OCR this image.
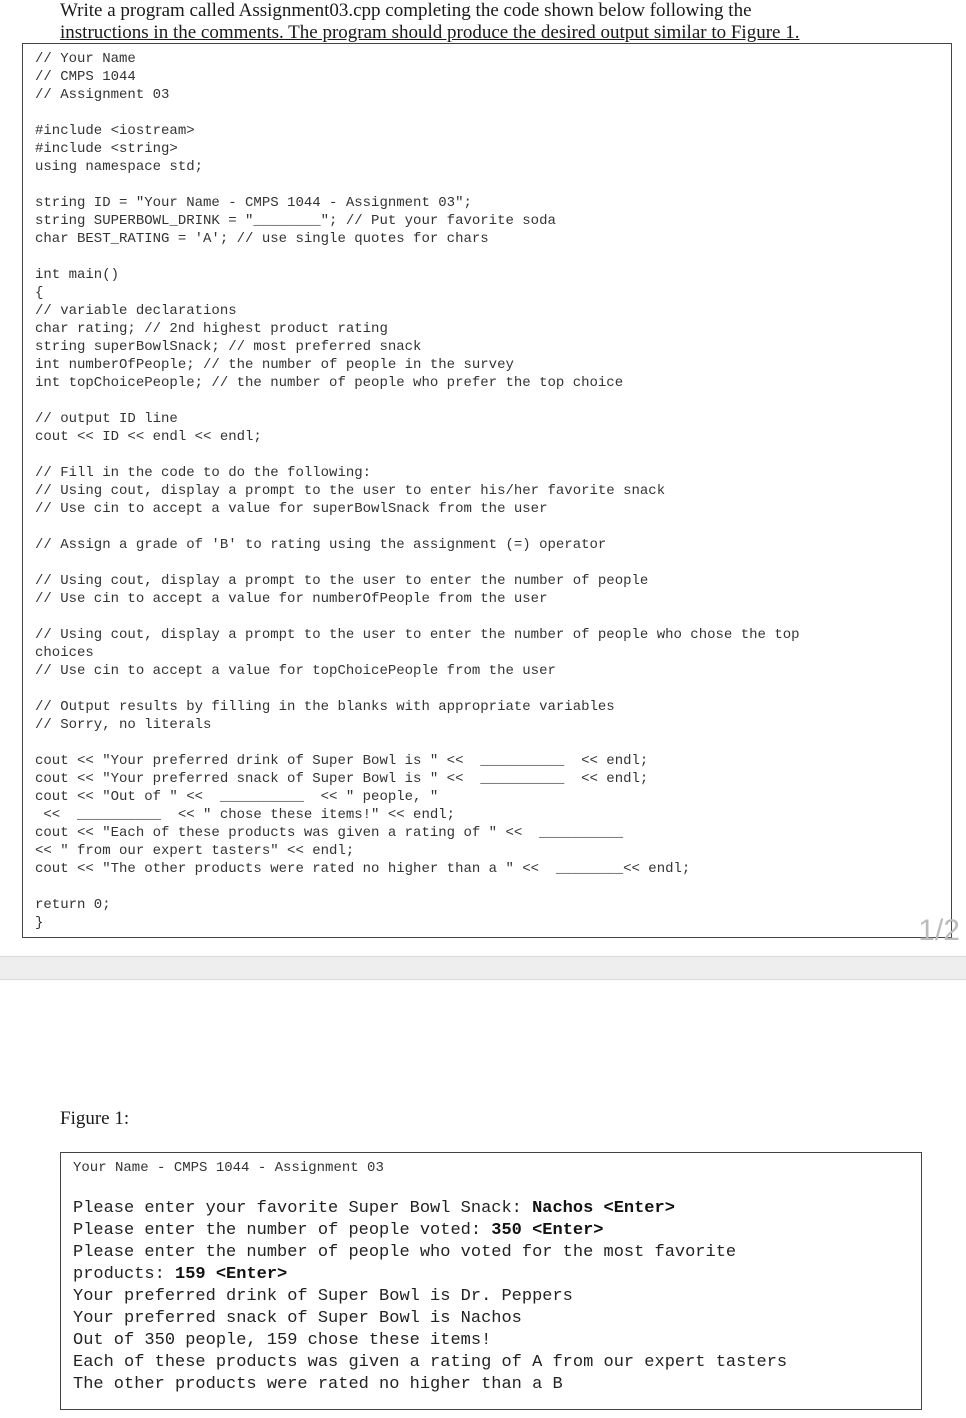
Write a program called Assignment03.cpp completing the code shown below following the
instructions in the comments. The program should produce the desired output similar to Figure 1.
// Your Name
// CMPS 1044
// Assignment 03

#include <iostream>
#include <string>
using namespace std;

string ID = "Your Name - CMPS 1044 - Assignment 03";
string SUPERBOWL_DRINK = "________"; // Put your favorite soda
char BEST_RATING = 'A'; // use single quotes for chars

int main()
{
// variable declarations
char rating; // 2nd highest product rating
string superBowlSnack; // most preferred snack
int numberOfPeople; // the number of people in the survey
int topChoicePeople; // the number of people who prefer the top choice

// output ID line
cout << ID << endl << endl;

// Fill in the code to do the following:
// Using cout, display a prompt to the user to enter his/her favorite snack
// Use cin to accept a value for superBowlSnack from the user

// Assign a grade of 'B' to rating using the assignment (=) operator

// Using cout, display a prompt to the user to enter the number of people
// Use cin to accept a value for numberOfPeople from the user

// Using cout, display a prompt to the user to enter the number of people who chose the top
choices
// Use cin to accept a value for topChoicePeople from the user

// Output results by filling in the blanks with appropriate variables
// Sorry, no literals

cout << "Your preferred drink of Super Bowl is " <<  __________  << endl;
cout << "Your preferred snack of Super Bowl is " <<  __________  << endl;
cout << "Out of " <<  __________  << " people, "
<<  __________  << " chose these items!" << endl;
cout << "Each of these products was given a rating of " <<  __________
<< " from our expert tasters" << endl;
cout << "The other products were rated no higher than a " <<  ________<< endl;

return 0;
}	1/2
Figure 1:
Your Name - CMPS 1044 - Assignment 03
Please enter your favorite Super Bowl Snack: Nachos <Enter>
Please enter the number of people voted: 350 <Enter>
Please enter the number of people who voted for the most favorite
products: 159 <Enter>
Your preferred drink of Super Bowl is Dr. Peppers
Your preferred snack of Super Bowl is Nachos
Out of 350 people, 159 chose these items!
Each of these products was given a rating of A from our expert tasters
The other products were rated no higher than a B
